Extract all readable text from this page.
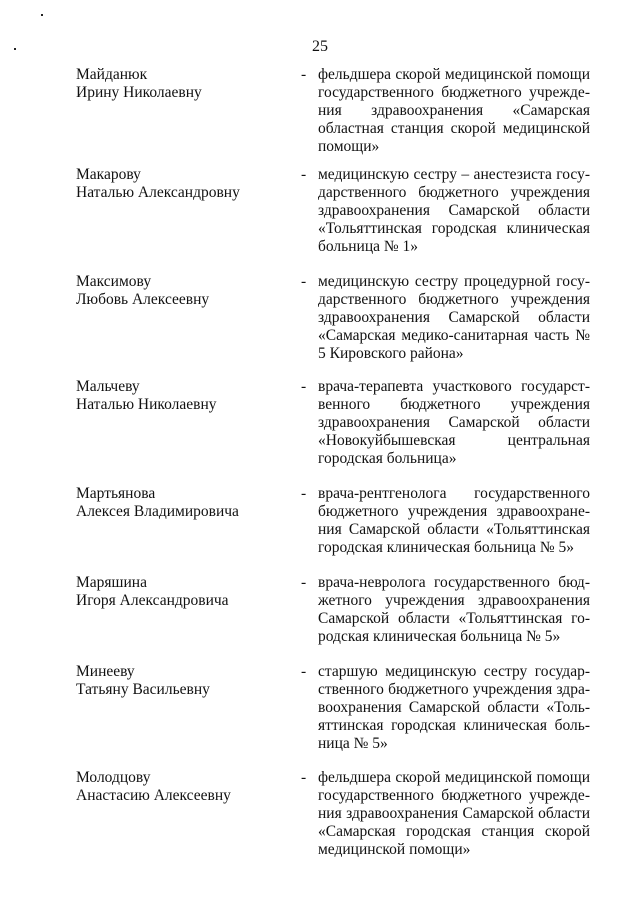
25
Майданюк
Ирину Николаевну
- фельдшера скорой медицинской помощи государственного бюджетного учреждения здравоохранения «Самарская областная станция скорой медицинской помощи»
Макарову
Наталью Александровну
- медицинскую сестру – анестезиста государственного бюджетного учреждения здравоохранения Самарской области «Тольяттинская городская клиническая больница № 1»
Максимову
Любовь Алексеевну
- медицинскую сестру процедурной государственного бюджетного учреждения здравоохранения Самарской области «Самарская медико-санитарная часть № 5 Кировского района»
Мальчеву
Наталью Николаевну
- врача-терапевта участкового государственного бюджетного учреждения здравоохранения Самарской области «Новокуйбышевская центральная городская больница»
Мартьянова
Алексея Владимировича
- врача-рентгенолога государственного бюджетного учреждения здравоохранения Самарской области «Тольяттинская городская клиническая больница № 5»
Маряшина
Игоря Александровича
- врача-невролога государственного бюджетного учреждения здравоохранения Самарской области «Тольяттинская городская клиническая больница № 5»
Минееву
Татьяну Васильевну
- старшую медицинскую сестру государственного бюджетного учреждения здравоохранения Самарской области «Тольяттинская городская клиническая больница № 5»
Молодцову
Анастасию Алексеевну
- фельдшера скорой медицинской помощи государственного бюджетного учреждения здравоохранения Самарской области «Самарская городская станция скорой медицинской помощи»
